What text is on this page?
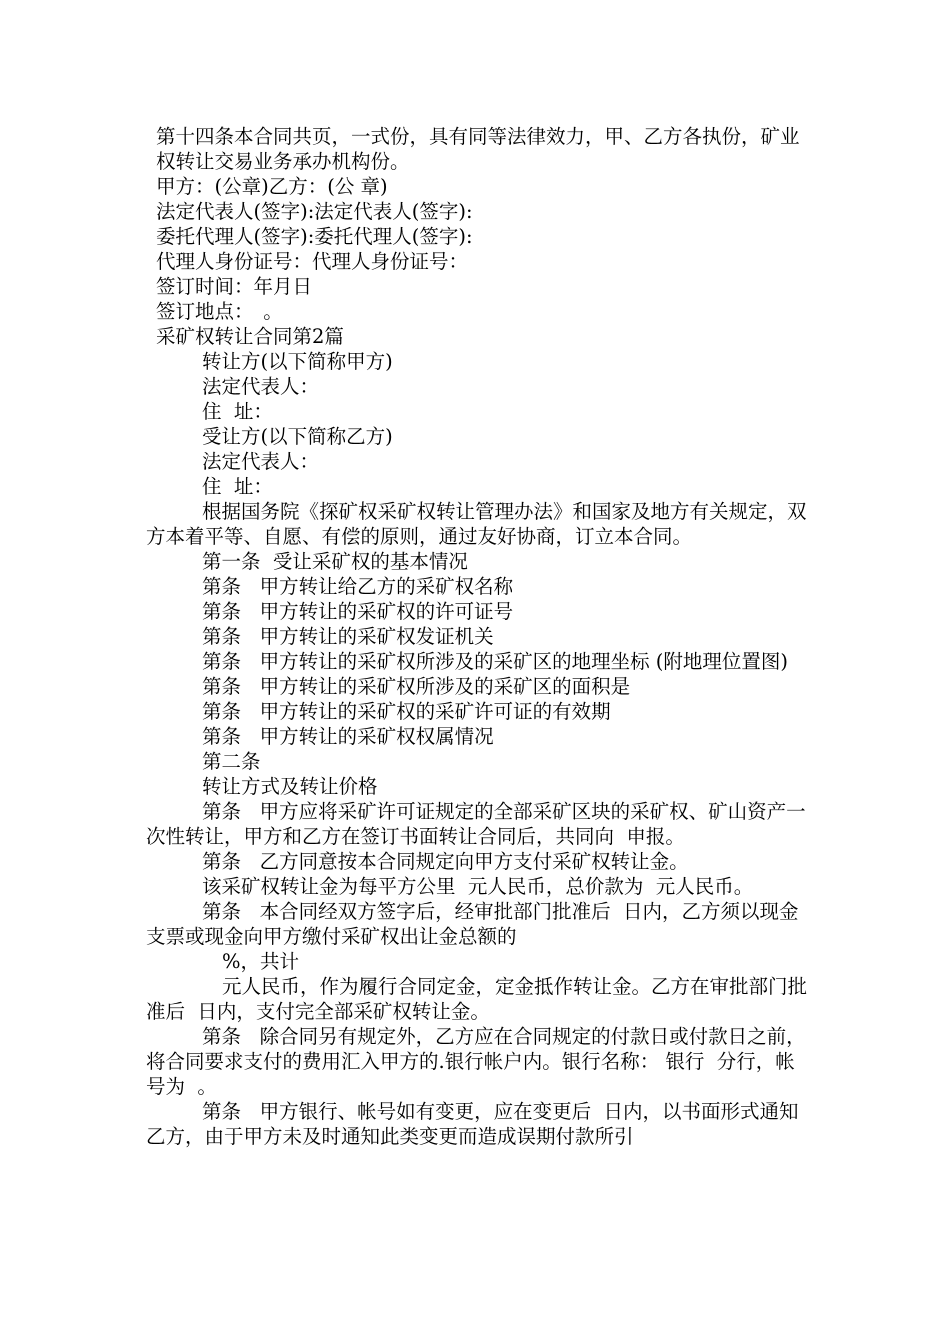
第十四条本合同共页，一式份，具有同等法律效力，甲、乙方各执份，矿业权转让交易业务承办机构份。

甲方：(公章)乙方：(公 章)

法定代表人(签字):法定代表人(签字):

委托代理人(签字):委托代理人(签字):

代理人身份证号：代理人身份证号：

签订时间：年月日

签订地点：　。

采矿权转让合同第2篇

转让方(以下简称甲方)

法定代表人：

住  址：

受让方(以下简称乙方)

法定代表人：

住  址：

根据国务院《探矿权采矿权转让管理办法》和国家及地方有关规定，双方本着平等、自愿、有偿的原则，通过友好协商，订立本合同。

第一条  受让采矿权的基本情况

第条   甲方转让给乙方的采矿权名称

第条   甲方转让的采矿权的许可证号

第条   甲方转让的采矿权发证机关

第条   甲方转让的采矿权所涉及的采矿区的地理坐标 (附地理位置图)

第条   甲方转让的采矿权所涉及的采矿区的面积是

第条   甲方转让的采矿权的采矿许可证的有效期

第条   甲方转让的采矿权权属情况

第二条

转让方式及转让价格

第条   甲方应将采矿许可证规定的全部采矿区块的采矿权、矿山资产一次性转让，甲方和乙方在签订书面转让合同后，共同向  申报。

第条   乙方同意按本合同规定向甲方支付采矿权转让金。

该采矿权转让金为每平方公里  元人民币，总价款为  元人民币。

第条   本合同经双方签字后，经审批部门批准后  日内，乙方须以现金支票或现金向甲方缴付采矿权出让金总额的

%，共计

元人民币，作为履行合同定金，定金抵作转让金。乙方在审批部门批准后  日内，支付完全部采矿权转让金。

第条   除合同另有规定外，乙方应在合同规定的付款日或付款日之前，将合同要求支付的费用汇入甲方的.银行帐户内。银行名称： 银行  分行，帐号为  。

第条   甲方银行、帐号如有变更，应在变更后  日内，以书面形式通知乙方，由于甲方未及时通知此类变更而造成误期付款所引
